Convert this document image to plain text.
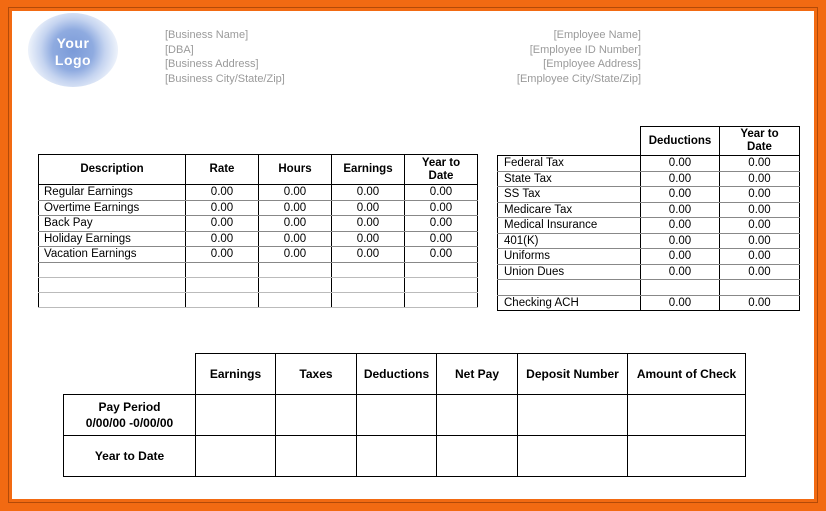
Your
Logo
[Business Name]
[DBA]
[Business Address]
[Business City/State/Zip]
[Employee Name]
[Employee ID Number]
[Employee Address]
[Employee City/State/Zip]
Description	Rate	Hours	Earnings	Year to Date
Regular Earnings	0.00	0.00	0.00	0.00
Overtime Earnings	0.00	0.00	0.00	0.00
Back Pay	0.00	0.00	0.00	0.00
Holiday Earnings	0.00	0.00	0.00	0.00
Vacation Earnings	0.00	0.00	0.00	0.00

	Deductions	Year to Date
Federal Tax	0.00	0.00
State Tax	0.00	0.00
SS Tax	0.00	0.00
Medicare Tax	0.00	0.00
Medical Insurance	0.00	0.00
401(K)	0.00	0.00
Uniforms	0.00	0.00
Union Dues	0.00	0.00

Checking ACH	0.00	0.00
	Earnings	Taxes	Deductions	Net Pay	Deposit Number	Amount of Check

Pay Period
0/00/00 -0/00/00						

Year to Date						
